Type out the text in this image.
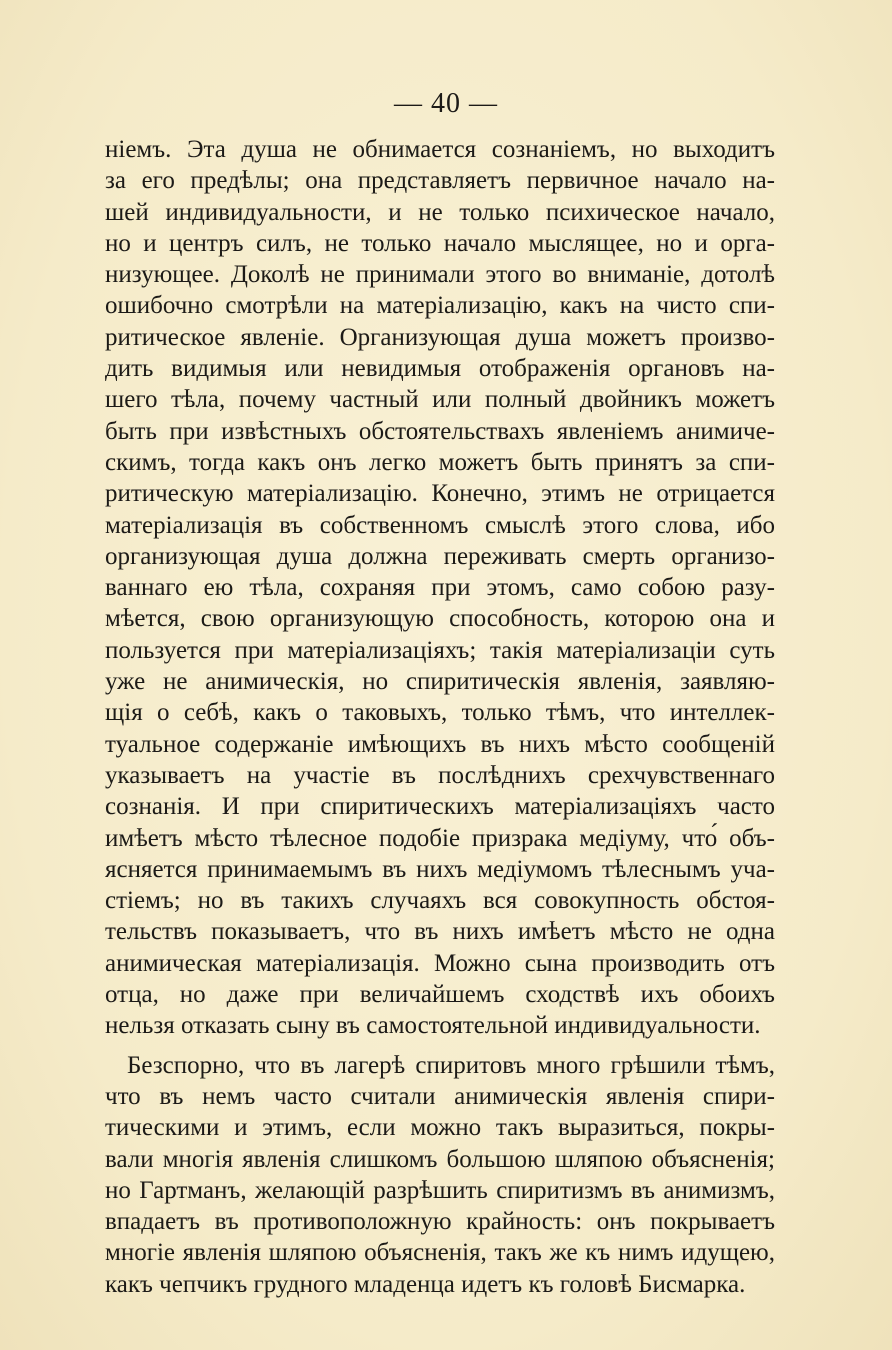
— 40 —
ніемъ. Эта душа не обнимается сознаніемъ, но выходитъ
за его предѣлы; она представляетъ первичное начало на-
шей индивидуальности, и не только психическое начало,
но и центръ силъ, не только начало мыслящее, но и орга-
низующее. Доколѣ не принимали этого во вниманіе, дотолѣ
ошибочно смотрѣли на матеріализацію, какъ на чисто спи-
ритическое явленіе. Организующая душа можетъ произво-
дить видимыя или невидимыя отображенія органовъ на-
шего тѣла, почему частный или полный двойникъ можетъ
быть при извѣстныхъ обстоятельствахъ явленіемъ анимиче-
скимъ, тогда какъ онъ легко можетъ быть принятъ за спи-
ритическую матеріализацію. Конечно, этимъ не отрицается
матеріализація въ собственномъ смыслѣ этого слова, ибо
организующая душа должна переживать смерть организо-
ваннаго ею тѣла, сохраняя при этомъ, само собою разу-
мѣется, свою организующую способность, которою она и
пользуется при матеріализаціяхъ; такія матеріализаціи суть
уже не анимическія, но спиритическія явленія, заявляю-
щія о себѣ, какъ о таковыхъ, только тѣмъ, что интеллек-
туальное содержаніе имѣющихъ въ нихъ мѣсто сообщеній
указываетъ на участіе въ послѣднихъ срехчувственнаго
сознанія. И при спиритическихъ матеріализаціяхъ часто
имѣетъ мѣсто тѣлесное подобіе призрака медіуму, что́ объ-
ясняется принимаемымъ въ нихъ медіумомъ тѣлеснымъ уча-
стіемъ; но въ такихъ случаяхъ вся совокупность обстоя-
тельствъ показываетъ, что въ нихъ имѣетъ мѣсто не одна
анимическая матеріализація. Можно сына производить отъ
отца, но даже при величайшемъ сходствѣ ихъ обоихъ
нельзя отказать сыну въ самостоятельной индивидуальности.
Безспорно, что въ лагерѣ спиритовъ много грѣшили тѣмъ,
что въ немъ часто считали анимическія явленія спири-
тическими и этимъ, если можно такъ выразиться, покры-
вали многія явленія слишкомъ большою шляпою объясненія;
но Гартманъ, желающій разрѣшить спиритизмъ въ анимизмъ,
впадаетъ въ противоположную крайность: онъ покрываетъ
многіе явленія шляпою объясненія, такъ же къ нимъ идущею,
какъ чепчикъ грудного младенца идетъ къ головѣ Бисмарка.
